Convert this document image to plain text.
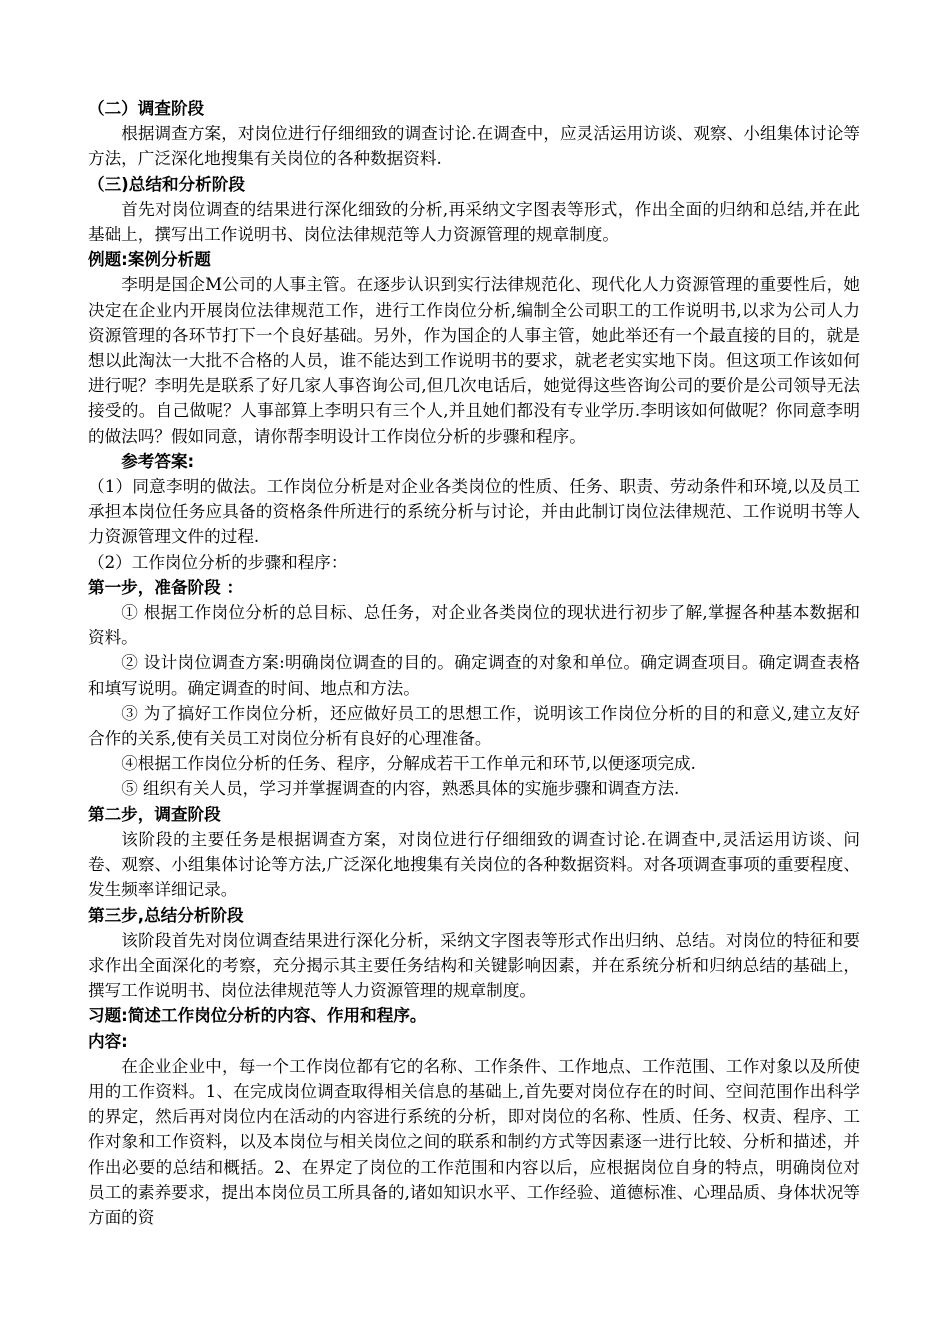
（二）调查阶段

根据调查方案，对岗位进行仔细细致的调查讨论.在调查中，应灵活运用访谈、观察、小组集体讨论等方法，广泛深化地搜集有关岗位的各种数据资料.

（三)总结和分析阶段

首先对岗位调查的结果进行深化细致的分析,再采纳文字图表等形式，作出全面的归纳和总结,并在此基础上，撰写出工作说明书、岗位法律规范等人力资源管理的规章制度。

例题:案例分析题

李明是国企M公司的人事主管。在逐步认识到实行法律规范化、现代化人力资源管理的重要性后，她决定在企业内开展岗位法律规范工作，进行工作岗位分析,编制全公司职工的工作说明书,以求为公司人力资源管理的各环节打下一个良好基础。另外，作为国企的人事主管，她此举还有一个最直接的目的，就是想以此淘汰一大批不合格的人员，谁不能达到工作说明书的要求，就老老实实地下岗。但这项工作该如何进行呢？李明先是联系了好几家人事咨询公司,但几次电话后，她觉得这些咨询公司的要价是公司领导无法接受的。自己做呢？人事部算上李明只有三个人,并且她们都没有专业学历.李明该如何做呢？你同意李明的做法吗？假如同意，请你帮李明设计工作岗位分析的步骤和程序。

参考答案:

（1）同意李明的做法。工作岗位分析是对企业各类岗位的性质、任务、职责、劳动条件和环境,以及员工承担本岗位任务应具备的资格条件所进行的系统分析与讨论，并由此制订岗位法律规范、工作说明书等人力资源管理文件的过程.

（2）工作岗位分析的步骤和程序：

第一步，准备阶段 ：

① 根据工作岗位分析的总目标、总任务，对企业各类岗位的现状进行初步了解,掌握各种基本数据和资料。

② 设计岗位调查方案:明确岗位调查的目的。确定调查的对象和单位。确定调查项目。确定调查表格和填写说明。确定调查的时间、地点和方法。

③ 为了搞好工作岗位分析，还应做好员工的思想工作，说明该工作岗位分析的目的和意义,建立友好合作的关系,使有关员工对岗位分析有良好的心理准备。

④根据工作岗位分析的任务、程序，分解成若干工作单元和环节,以便逐项完成.

⑤ 组织有关人员，学习并掌握调查的内容，熟悉具体的实施步骤和调查方法.

第二步，调查阶段

该阶段的主要任务是根据调查方案，对岗位进行仔细细致的调查讨论.在调查中,灵活运用访谈、问卷、观察、小组集体讨论等方法,广泛深化地搜集有关岗位的各种数据资料。对各项调查事项的重要程度、发生频率详细记录。

第三步,总结分析阶段

该阶段首先对岗位调查结果进行深化分析，采纳文字图表等形式作出归纳、总结。对岗位的特征和要求作出全面深化的考察，充分揭示其主要任务结构和关键影响因素，并在系统分析和归纳总结的基础上，撰写工作说明书、岗位法律规范等人力资源管理的规章制度。

习题:简述工作岗位分析的内容、作用和程序。

内容:

在企业企业中，每一个工作岗位都有它的名称、工作条件、工作地点、工作范围、工作对象以及所使用的工作资料。1、在完成岗位调查取得相关信息的基础上,首先要对岗位存在的时间、空间范围作出科学的界定，然后再对岗位内在活动的内容进行系统的分析，即对岗位的名称、性质、任务、权责、程序、工作对象和工作资料，以及本岗位与相关岗位之间的联系和制约方式等因素逐一进行比较、分析和描述，并作出必要的总结和概括。2、在界定了岗位的工作范围和内容以后，应根据岗位自身的特点，明确岗位对员工的素养要求，提出本岗位员工所具备的,诸如知识水平、工作经验、道德标准、心理品质、身体状况等方面的资
